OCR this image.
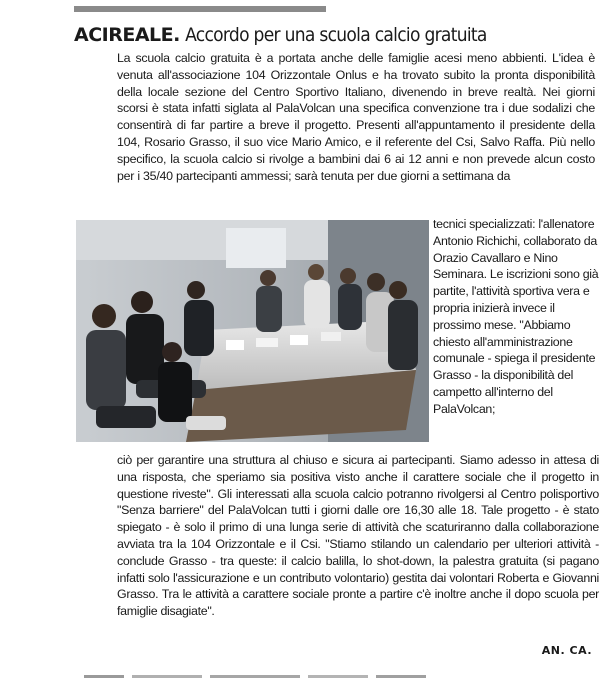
ACIREALE. Accordo per una scuola calcio gratuita

La scuola calcio gratuita è a portata anche delle famiglie acesi meno abbienti. L'idea è venuta all'associazione 104 Orizzontale Onlus e ha trovato subito la pronta disponibilità della locale sezione del Centro Sportivo Italiano, divenendo in breve realtà. Nei giorni scorsi è stata infatti siglata al PalaVolcan una specifica convenzione tra i due sodalizi che consentirà di far partire a breve il progetto. Presenti all'appuntamento il presidente della 104, Rosario Grasso, il suo vice Mario Amico, e il referente del Csi, Salvo Raffa. Più nello specifico, la scuola calcio si rivolge a bambini dai 6 ai 12 anni e non prevede alcun costo per i 35/40 partecipanti ammessi; sarà tenuta per due giorni a settimana da

tecnici specializzati: l'allenatore Antonio Richichi, collaborato da Orazio Cavallaro e Nino Seminara. Le iscrizioni sono già partite, l'attività sportiva vera e propria inizierà invece il prossimo mese. "Abbiamo chiesto all'amministrazione comunale - spiega il presidente Grasso - la disponibilità del campetto all'interno del PalaVolcan;

ciò per garantire una struttura al chiuso e sicura ai partecipanti. Siamo adesso in attesa di una risposta, che speriamo sia positiva visto anche il carattere sociale che il progetto in questione riveste". Gli interessati alla scuola calcio potranno rivolgersi al Centro polisportivo "Senza barriere" del PalaVolcan tutti i giorni dalle ore 16,30 alle 18. Tale progetto - è stato spiegato - è solo il primo di una lunga serie di attività che scaturiranno dalla collaborazione avviata tra la 104 Orizzontale e il Csi. "Stiamo stilando un calendario per ulteriori attività - conclude Grasso - tra queste: il calcio balilla, lo shot-down, la palestra gratuita (si pagano infatti solo l'assicurazione e un contributo volontario) gestita dai volontari Roberta e Giovanni Grasso. Tra le attività a carattere sociale pronte a partire c'è inoltre anche il dopo scuola per famiglie disagiate".

AN. CA.
